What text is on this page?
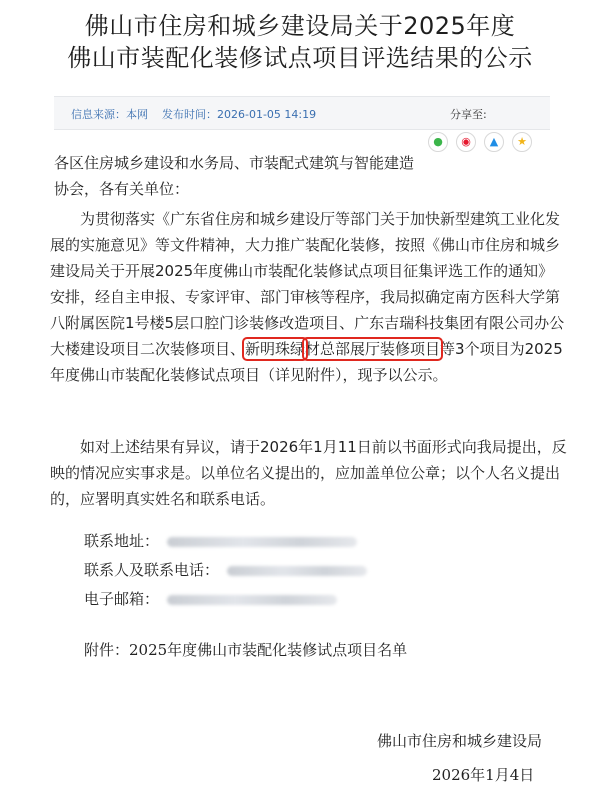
佛山市住房和城乡建设局关于2025年度
佛山市装配化装修试点项目评选结果的公示
信息来源：本网 发布时间：2026-01-05 14:19	分享至:
●	◉	▲	★
各区住房城乡建设和水务局、市装配式建筑与智能建造协会，各有关单位：

为贯彻落实《广东省住房和城乡建设厅等部门关于加快新型建筑工业化发展的实施意见》等文件精神，大力推广装配化装修，按照《佛山市住房和城乡建设局关于开展2025年度佛山市装配化装修试点项目征集评选工作的通知》安排，经自主申报、专家评审、部门审核等程序，我局拟确定南方医科大学第八附属医院1号楼5层口腔门诊装修改造项目、广东吉瑞科技集团有限公司办公大楼建设项目二次装修项目、新明珠绿材总部展厅装修项目等3个项目为2025年度佛山市装配化装修试点项目（详见附件），现予以公示。

如对上述结果有异议，请于2026年1月11日前以书面形式向我局提出，反映的情况应实事求是。以单位名义提出的，应加盖单位公章；以个人名义提出的，应署明真实姓名和联系电话。

联系地址：
联系人及联系电话：
电子邮箱：
附件：2025年度佛山市装配化装修试点项目名单
佛山市住房和城乡建设局
2026年1月4日
